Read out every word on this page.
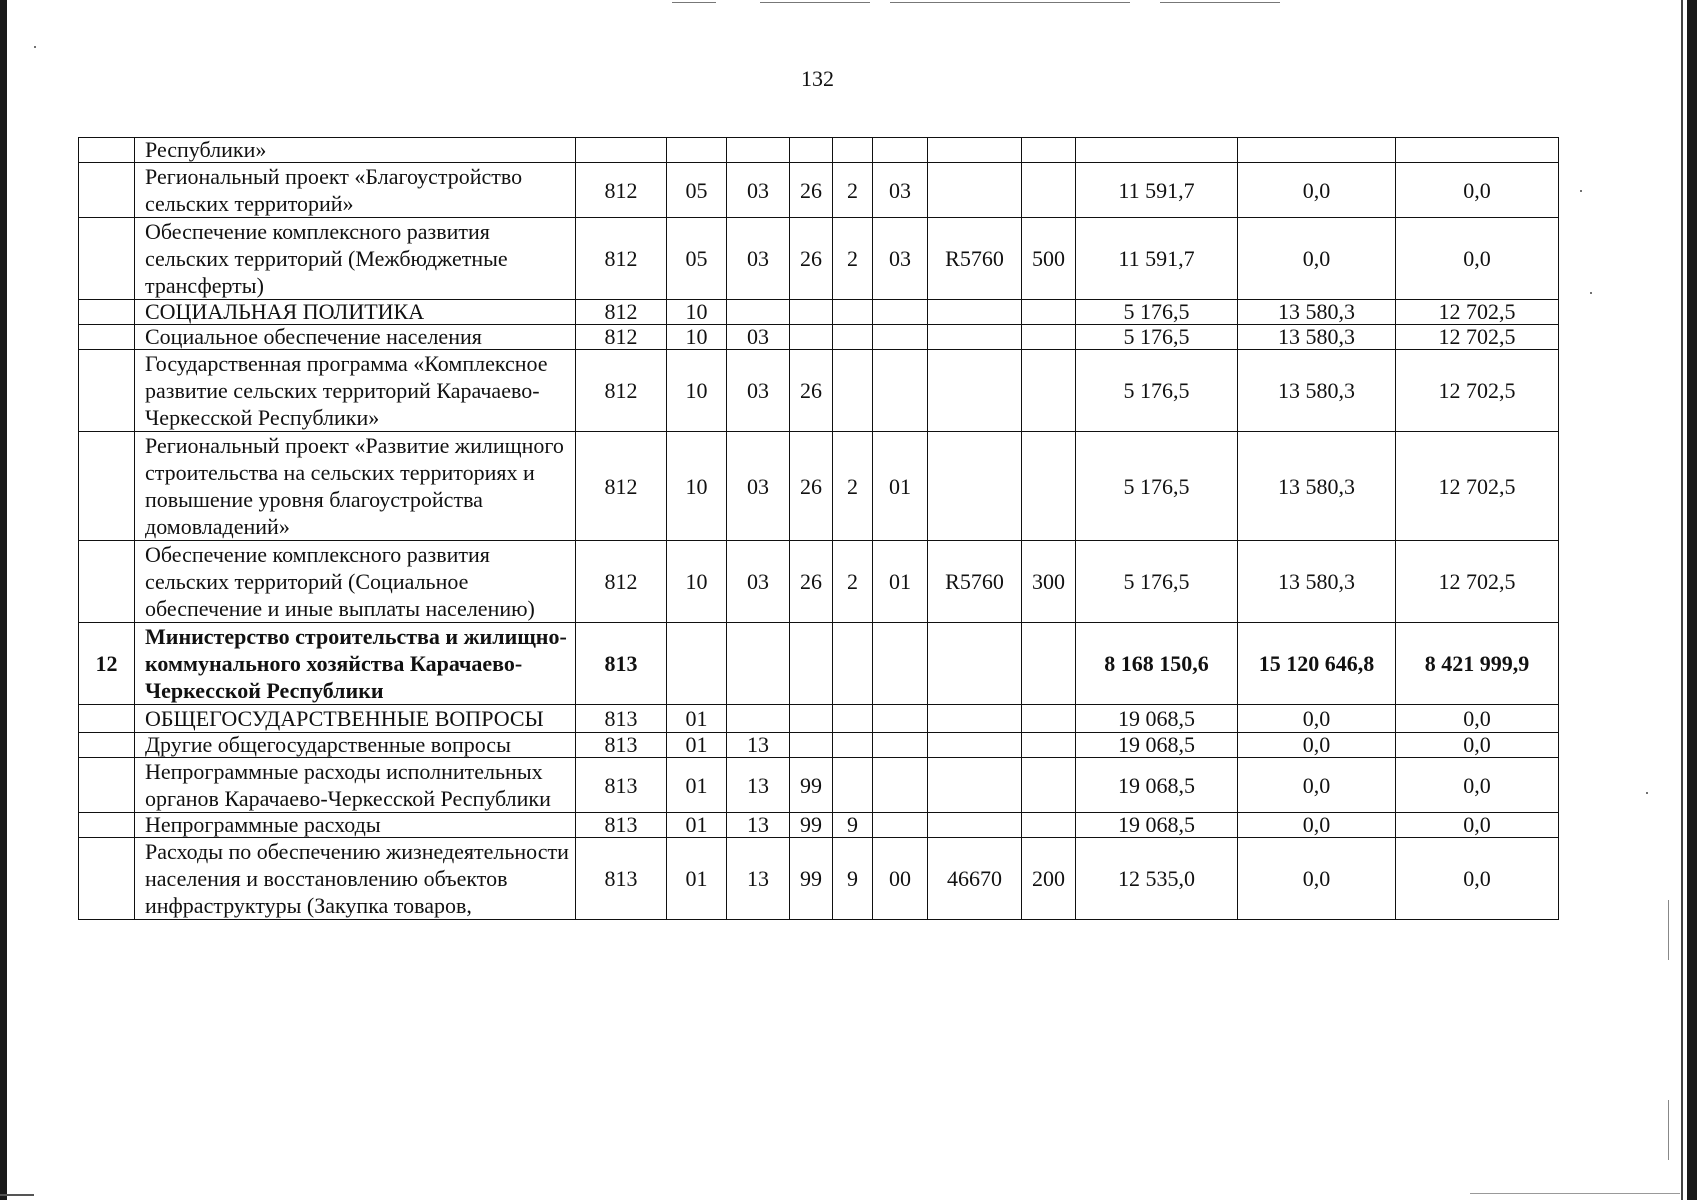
132
	Республики»											
	Региональный проект «Благоустройство сельских территорий»	812	05	03	26	2	03			11 591,7	0,0	0,0
	Обеспечение комплексного развития сельских территорий (Межбюджетные трансферты)	812	05	03	26	2	03	R5760	500	11 591,7	0,0	0,0
	СОЦИАЛЬНАЯ ПОЛИТИКА	812	10							5 176,5	13 580,3	12 702,5
	Социальное обеспечение населения	812	10	03						5 176,5	13 580,3	12 702,5
	Государственная программа «Комплексное развитие сельских территорий Карачаево-Черкесской Республики»	812	10	03	26					5 176,5	13 580,3	12 702,5
	Региональный проект «Развитие жилищного строительства на сельских территориях и повышение уровня благоустройства домовладений»	812	10	03	26	2	01			5 176,5	13 580,3	12 702,5
	Обеспечение комплексного развития сельских территорий (Социальное обеспечение и иные выплаты населению)	812	10	03	26	2	01	R5760	300	5 176,5	13 580,3	12 702,5
12	Министерство строительства и жилищно-коммунального хозяйства Карачаево-Черкесской Республики	813								8 168 150,6	15 120 646,8	8 421 999,9
	ОБЩЕГОСУДАРСТВЕННЫЕ ВОПРОСЫ	813	01							19 068,5	0,0	0,0
	Другие общегосударственные вопросы	813	01	13						19 068,5	0,0	0,0
	Непрограммные расходы исполнительных органов Карачаево-Черкесской Республики	813	01	13	99					19 068,5	0,0	0,0
	Непрограммные расходы	813	01	13	99	9				19 068,5	0,0	0,0
	Расходы по обеспечению жизнедеятельности населения и восстановлению объектов инфраструктуры (Закупка товаров,	813	01	13	99	9	00	46670	200	12 535,0	0,0	0,0
